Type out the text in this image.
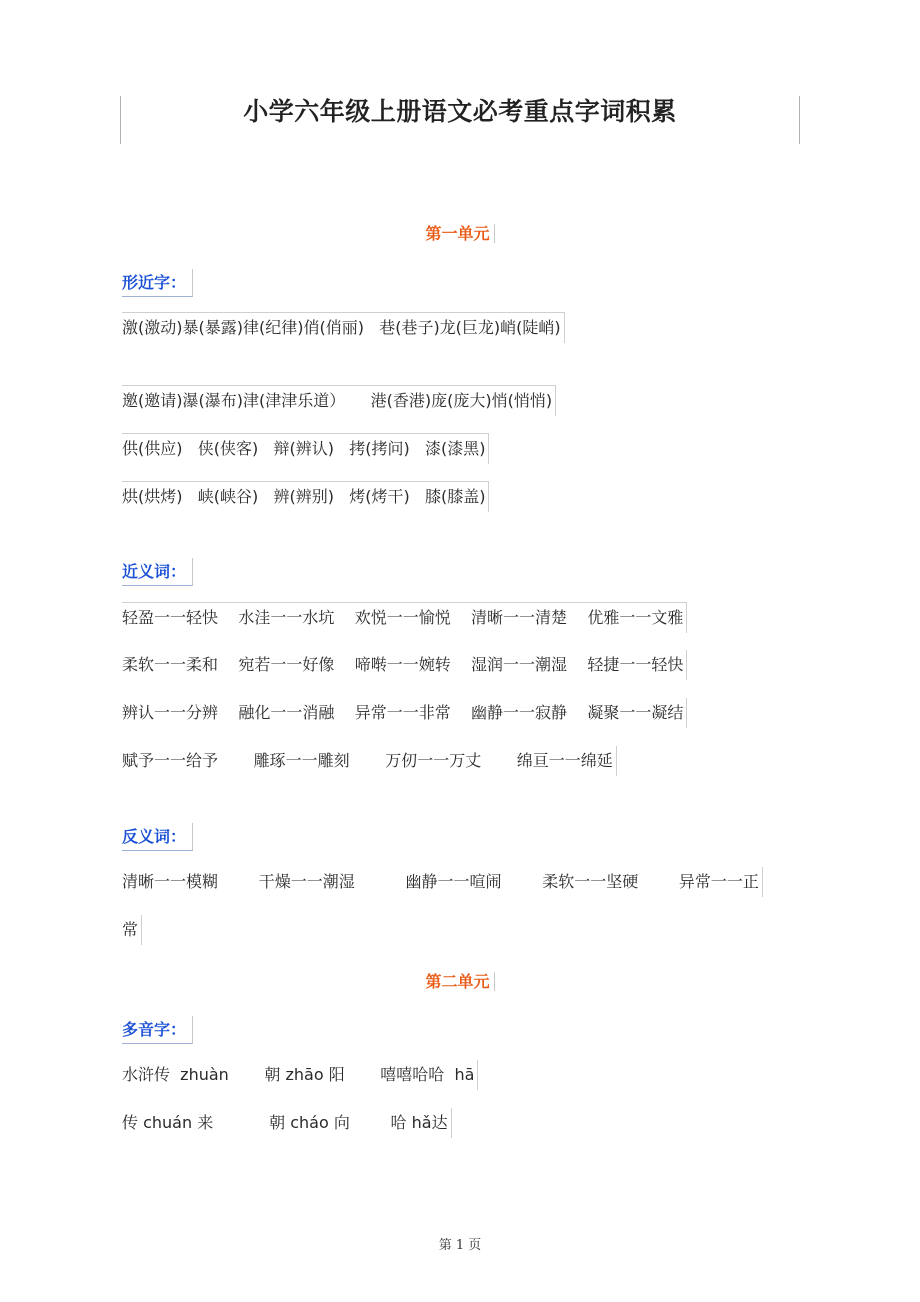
小学六年级上册语文必考重点字词积累
第一单元
形近字：
激(激动)暴(暴露)律(纪律)俏(俏丽)   巷(巷子)龙(巨龙)峭(陡峭)
邀(邀请)瀑(瀑布)津(津津乐道）     港(香港)庞(庞大)悄(悄悄)
供(供应)   侠(侠客)   辩(辨认)   拷(拷问)   漆(漆黑)
烘(烘烤)   峡(峡谷)   辨(辨别)   烤(烤干)   膝(膝盖)
近义词：
轻盈一一轻快    水洼一一水坑    欢悦一一愉悦    清晰一一清楚    优雅一一文雅
柔软一一柔和    宛若一一好像    啼啭一一婉转    湿润一一潮湿    轻捷一一轻快
辨认一一分辨    融化一一消融    异常一一非常    幽静一一寂静    凝聚一一凝结
赋予一一给予       雕琢一一雕刻       万仞一一万丈       绵亘一一绵延
反义词：
清晰一一模糊        干燥一一潮湿          幽静一一喧闹        柔软一一坚硬        异常一一正
常
第二单元
多音字：
水浒传  zhuàn       朝 zhāo 阳       嘻嘻哈哈  hā
传 chuán 来           朝 cháo 向        哈 hǎ达
第 1 页
